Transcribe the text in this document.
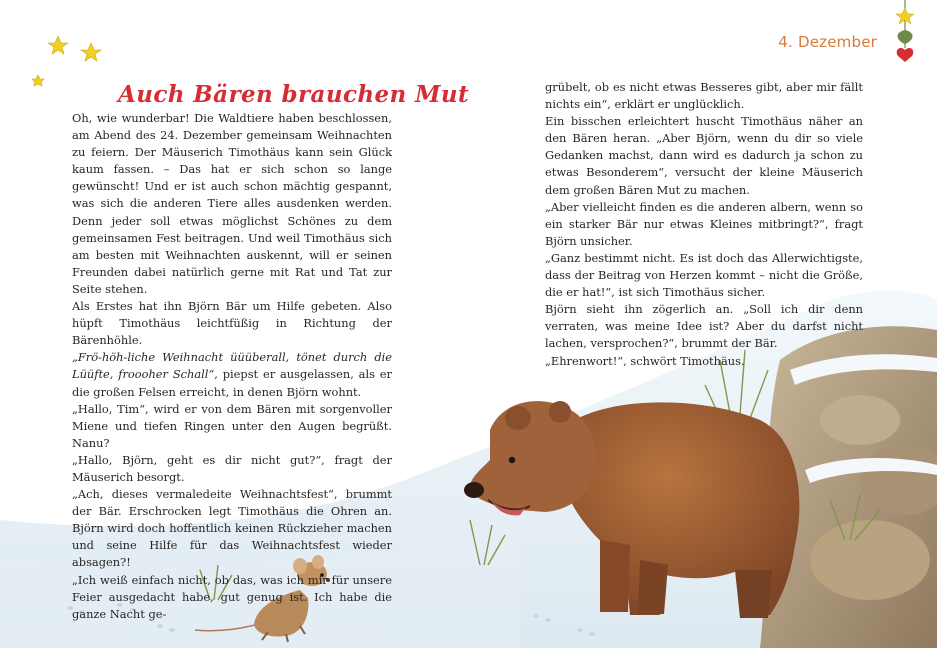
4. Dezember
Auch Bären brauchen Mut

Oh, wie wunderbar! Die Waldtiere haben beschlossen, am Abend des 24. Dezember gemeinsam Weihnachten zu feiern. Der Mäuserich Timothäus kann sein Glück kaum fassen. – Das hat er sich schon so lange gewünscht! Und er ist auch schon mächtig gespannt, was sich die anderen Tiere alles ausdenken werden. Denn jeder soll etwas möglichst Schönes zu dem gemeinsamen Fest beitragen. Und weil Timothäus sich am besten mit Weihnachten auskennt, will er seinen Freunden dabei natürlich gerne mit Rat und Tat zur Seite stehen.

Als Erstes hat ihn Björn Bär um Hilfe gebeten. Also hüpft Timothäus leichtfüßig in Richtung der Bärenhöhle.

„Frö-höh-liche Weihnacht üüüberall, tönet durch die Lüüfte, froooher Schall“, piepst er ausgelassen, als er die großen Felsen erreicht, in denen Björn wohnt.

„Hallo, Tim“, wird er von dem Bären mit sorgenvoller Miene und tiefen Ringen unter den Augen begrüßt. Nanu?

„Hallo, Björn, geht es dir nicht gut?“, fragt der Mäuserich besorgt.

„Ach, dieses vermaledeite Weihnachtsfest“, brummt der Bär. Erschrocken legt Timothäus die Ohren an. Björn wird doch hoffentlich keinen Rückzieher machen und seine Hilfe für das Weihnachtsfest wieder absagen?!

„Ich weiß einfach nicht, ob das, was ich mir für unsere Feier ausgedacht habe, gut genug ist. Ich habe die ganze Nacht ge-

grübelt, ob es nicht etwas Besseres gibt, aber mir fällt nichts ein“, erklärt er unglücklich.

Ein bisschen erleichtert huscht Timothäus näher an den Bären heran. „Aber Björn, wenn du dir so viele Gedanken machst, dann wird es dadurch ja schon zu etwas Besonderem“, versucht der kleine Mäuserich dem großen Bären Mut zu machen.

„Aber vielleicht finden es die anderen albern, wenn so ein starker Bär nur etwas Kleines mitbringt?“, fragt Björn unsicher.

„Ganz bestimmt nicht. Es ist doch das Allerwichtigste, dass der Beitrag von Herzen kommt – nicht die Größe, die er hat!“, ist sich Timothäus sicher.

Björn sieht ihn zögerlich an. „Soll ich dir denn verraten, was meine Idee ist? Aber du darfst nicht lachen, versprochen?“, brummt der Bär.

„Ehrenwort!“, schwört Timothäus.
